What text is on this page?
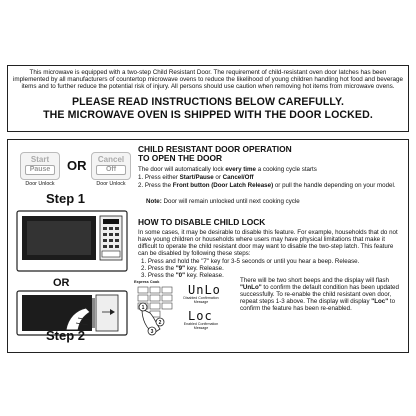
This microwave is equipped with a two-step Child Resistant Door. The requirement of child-resistant oven door latches has been implemented by all manufacturers of countertop microwave ovens to reduce the likelihood of young children handling hot food and beverage items and to further reduce the potential risk of injury. All persons should use caution when removing hot items from microwave ovens.
PLEASE READ INSTRUCTIONS BELOW CAREFULLY.
THE MICROWAVE OVEN IS SHIPPED WITH THE DOOR LOCKED.
Start
Pause
Door Unlock
OR	Cancel
Off
Door Unlock
Step 1
OR
Step 2
CHILD RESISTANT DOOR OPERATION
TO OPEN THE DOOR
The door will automatically lock every time a cooking cycle starts
1. Press either Start/Pause or Cancel/Off
2. Press the Front button (Door Latch Release) or pull the handle depending on your model.
Note: Door will remain unlocked until next cooking cycle
HOW TO DISABLE CHILD LOCK
In some cases, it may be desirable to disable this feature. For example, households that do not have young children or households where users may have physical limitations that make it difficult to operate the child resistant door may want to disable the two-step latch. This feature can be disabled by following these steps:
1. Press and hold the "7" key for 3-5 seconds or until you hear a beep. Release.
2. Press the "9" key. Release.
3. Press the "0" key. Release.
Express Cook
1
2
3
UnLo
Disabled Confirmation Message
Loc
Enabled Confirmation Message
There will be two short beeps and the display will flash "UnLo" to confirm the default condition has been updated successfully. To re-enable the child resistant oven door, repeat steps 1-3 above. The display will display "Loc" to confirm the feature has been re-enabled.
